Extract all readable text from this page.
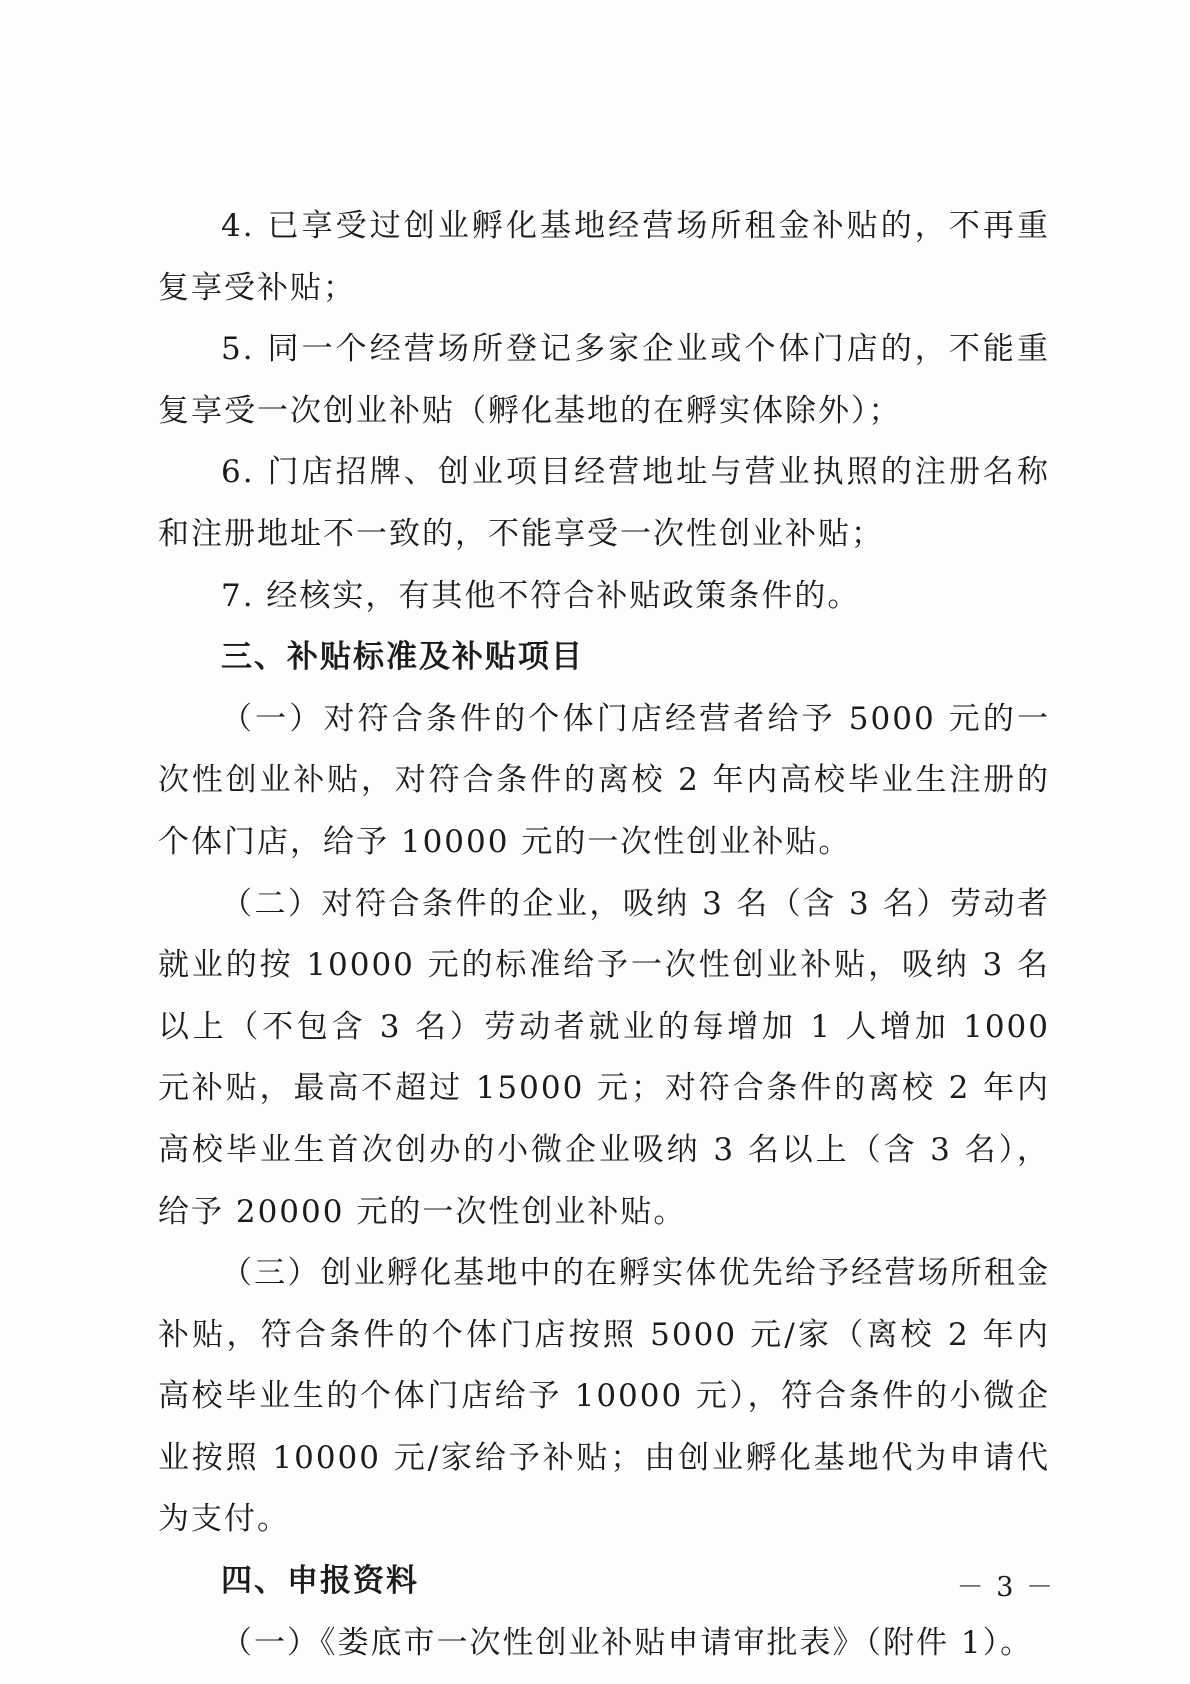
4. 已享受过创业孵化基地经营场所租金补贴的，不再重复享受补贴；

5. 同一个经营场所登记多家企业或个体门店的，不能重复享受一次创业补贴（孵化基地的在孵实体除外）；

6. 门店招牌、创业项目经营地址与营业执照的注册名称和注册地址不一致的，不能享受一次性创业补贴；

7. 经核实，有其他不符合补贴政策条件的。

三、补贴标准及补贴项目

（一）对符合条件的个体门店经营者给予 5000 元的一次性创业补贴，对符合条件的离校 2 年内高校毕业生注册的个体门店，给予 10000 元的一次性创业补贴。

（二）对符合条件的企业，吸纳 3 名（含 3 名）劳动者就业的按 10000 元的标准给予一次性创业补贴，吸纳 3 名以上（不包含 3 名）劳动者就业的每增加 1 人增加 1000 元补贴，最高不超过 15000 元；对符合条件的离校 2 年内高校毕业生首次创办的小微企业吸纳 3 名以上（含 3 名），给予 20000 元的一次性创业补贴。

（三）创业孵化基地中的在孵实体优先给予经营场所租金补贴，符合条件的个体门店按照 5000 元/家（离校 2 年内高校毕业生的个体门店给予 10000 元），符合条件的小微企业按照 10000 元/家给予补贴；由创业孵化基地代为申请代为支付。

四、申报资料

（一）《娄底市一次性创业补贴申请审批表》（附件 1）。

－ 3 －
